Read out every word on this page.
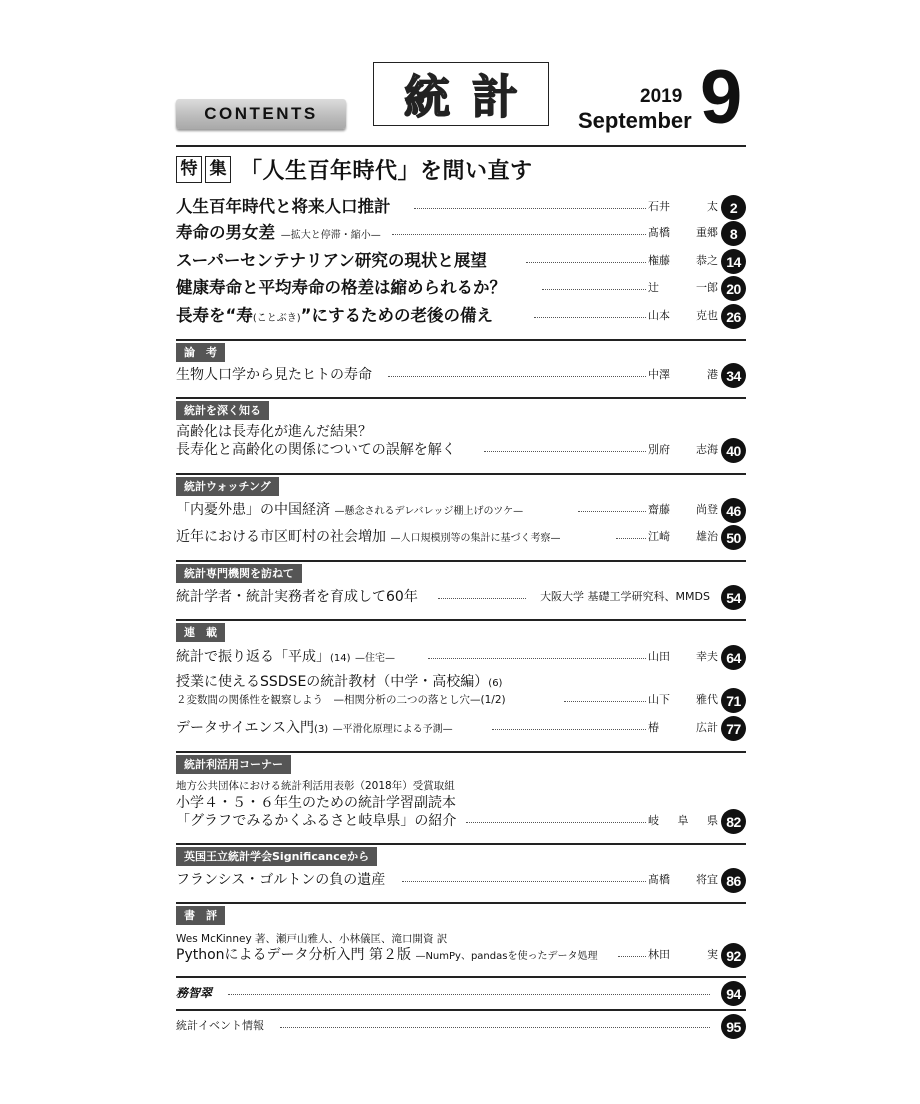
CONTENTS	統計	2019
September 9
特 集 「人生百年時代」を問い直す
人生百年時代と将来人口推計	石井	太 2
寿命の男女差 —拡大と停滞・縮小—	髙橋 重郷 8
スーパーセンテナリアン研究の現状と展望	権藤 恭之 14
健康寿命と平均寿命の格差は縮められるか？	辻	一郎 20
長寿を“寿(ことぶき)”にするための老後の備え	山本 克也 26
論　考
生物人口学から見たヒトの寿命	中澤	港 34
統計を深く知る
高齢化は長寿化が進んだ結果？
長寿化と高齢化の関係についての誤解を解く	別府 志海 40
統計ウォッチング
「内憂外患」の中国経済 —懸念されるデレバレッジ棚上げのツケ—	齋藤 尚登 46
近年における市区町村の社会増加 —人口規模別等の集計に基づく考察—	江崎 雄治 50
統計専門機関を訪ねて
統計学者・統計実務者を育成して60年	大阪大学 基礎工学研究科、MMDS	54
連　載
統計で振り返る「平成」(14) —住宅—	山田 幸夫 64
授業に使えるSSDSEの統計教材（中学・高校編）(6)
２変数間の関係性を観察しよう　—相関分析の二つの落とし穴—(1/2)	山下 雅代 71
データサイエンス入門(3) —平滑化原理による予測—	椿	広計 77
統計利活用コーナー
地方公共団体における統計利活用表彰（2018年）受賞取組
小学４・５・６年生のための統計学習副読本
「グラフでみるかくふるさと岐阜県」の紹介	岐 阜 県 82
英国王立統計学会Significanceから
フランシス・ゴルトンの負の遺産	髙橋 将宜 86
書　評
Wes McKinney 著、瀬戸山雅人、小林儀匡、滝口開資 訳
Pythonによるデータ分析入門 第２版 —NumPy、pandasを使ったデータ処理	林田	実 92
務智翠	94
統計イベント情報	95
